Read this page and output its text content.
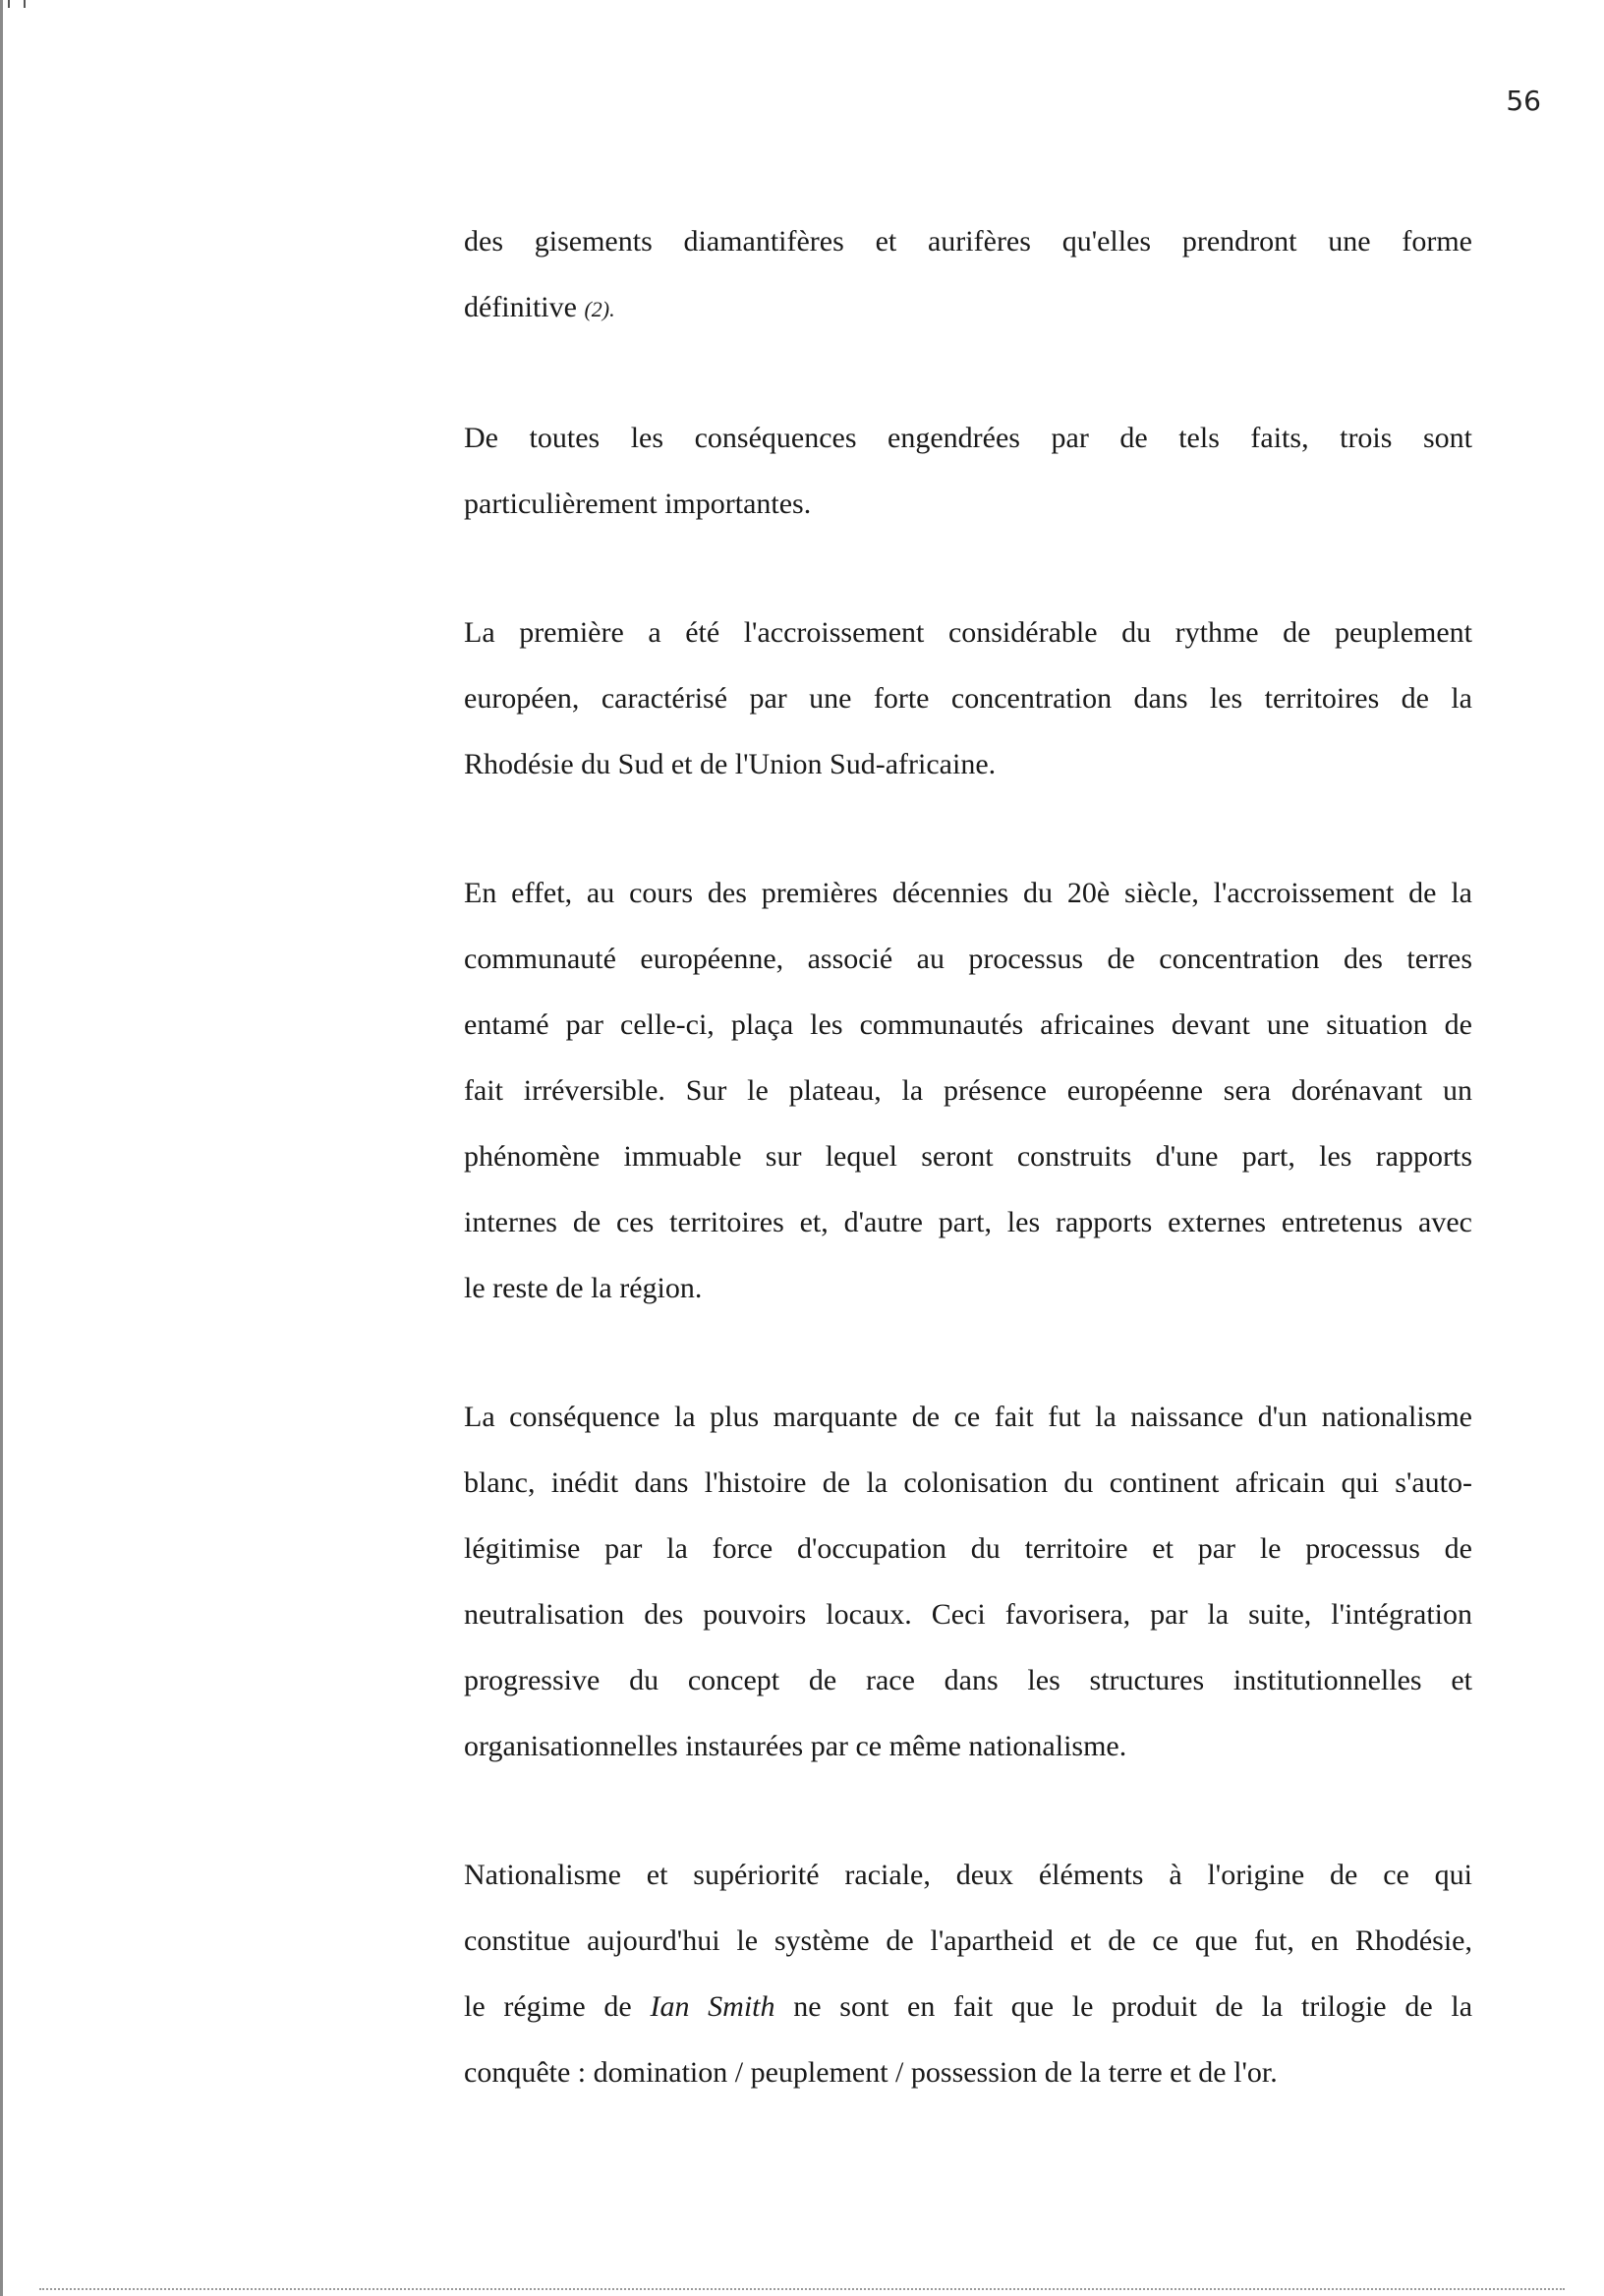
56

des gisements diamantifères et aurifères qu'elles prendront une forme
définitive (2).

De toutes les conséquences engendrées par de tels faits, trois sont
particulièrement importantes.

La première a été l'accroissement considérable du rythme de peuplement
européen, caractérisé par une forte concentration dans les territoires de la
Rhodésie du Sud et de l'Union Sud-africaine.

En effet, au cours des premières décennies du 20è siècle, l'accroissement de la
communauté européenne, associé au processus de concentration des terres
entamé par celle-ci, plaça les communautés africaines devant une situation de
fait irréversible. Sur le plateau, la présence européenne sera dorénavant un
phénomène immuable sur lequel seront construits d'une part, les rapports
internes de ces territoires et, d'autre part, les rapports externes entretenus avec
le reste de la région.

La conséquence la plus marquante de ce fait fut la naissance d'un nationalisme
blanc, inédit dans l'histoire de la colonisation du continent africain qui s'auto-
légitimise par la force d'occupation du territoire et par le processus de
neutralisation des pouvoirs locaux. Ceci favorisera, par la suite, l'intégration
progressive du concept de race dans les structures institutionnelles et
organisationnelles instaurées par ce même nationalisme.

Nationalisme et supériorité raciale, deux éléments à l'origine de ce qui
constitue aujourd'hui le système de l'apartheid et de ce que fut, en Rhodésie,
le régime de Ian Smith ne sont en fait que le produit de la trilogie de la
conquête : domination / peuplement / possession de la terre et de l'or.
